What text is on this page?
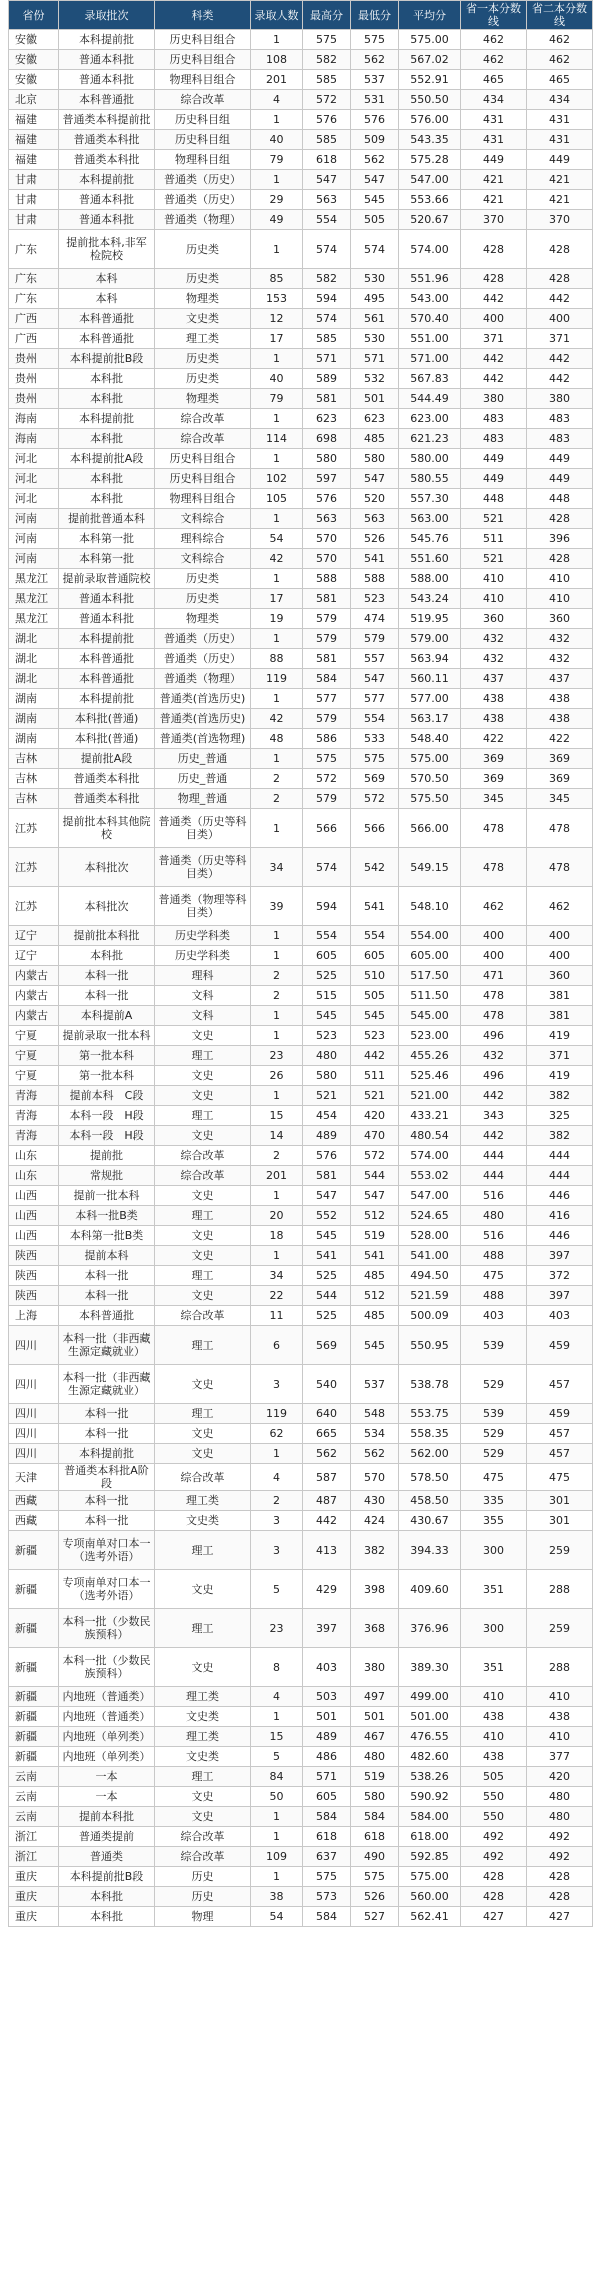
省份	录取批次	科类	录取人数	最高分	最低分	平均分	省一本分数线	省二本分数线
安徽	本科提前批	历史科目组合	1	575	575	575.00	462	462
安徽	普通本科批	历史科目组合	108	582	562	567.02	462	462
安徽	普通本科批	物理科目组合	201	585	537	552.91	465	465
北京	本科普通批	综合改革	4	572	531	550.50	434	434
福建	普通类本科提前批	历史科目组	1	576	576	576.00	431	431
福建	普通类本科批	历史科目组	40	585	509	543.35	431	431
福建	普通类本科批	物理科目组	79	618	562	575.28	449	449
甘肃	本科提前批	普通类（历史）	1	547	547	547.00	421	421
甘肃	普通本科批	普通类（历史）	29	563	545	553.66	421	421
甘肃	普通本科批	普通类（物理）	49	554	505	520.67	370	370
广东	提前批本科,非军检院校	历史类	1	574	574	574.00	428	428
广东	本科	历史类	85	582	530	551.96	428	428
广东	本科	物理类	153	594	495	543.00	442	442
广西	本科普通批	文史类	12	574	561	570.40	400	400
广西	本科普通批	理工类	17	585	530	551.00	371	371
贵州	本科提前批B段	历史类	1	571	571	571.00	442	442
贵州	本科批	历史类	40	589	532	567.83	442	442
贵州	本科批	物理类	79	581	501	544.49	380	380
海南	本科提前批	综合改革	1	623	623	623.00	483	483
海南	本科批	综合改革	114	698	485	621.23	483	483
河北	本科提前批A段	历史科目组合	1	580	580	580.00	449	449
河北	本科批	历史科目组合	102	597	547	580.55	449	449
河北	本科批	物理科目组合	105	576	520	557.30	448	448
河南	提前批普通本科	文科综合	1	563	563	563.00	521	428
河南	本科第一批	理科综合	54	570	526	545.76	511	396
河南	本科第一批	文科综合	42	570	541	551.60	521	428
黑龙江	提前录取普通院校	历史类	1	588	588	588.00	410	410
黑龙江	普通本科批	历史类	17	581	523	543.24	410	410
黑龙江	普通本科批	物理类	19	579	474	519.95	360	360
湖北	本科提前批	普通类（历史）	1	579	579	579.00	432	432
湖北	本科普通批	普通类（历史）	88	581	557	563.94	432	432
湖北	本科普通批	普通类（物理）	119	584	547	560.11	437	437
湖南	本科提前批	普通类(首选历史)	1	577	577	577.00	438	438
湖南	本科批(普通)	普通类(首选历史)	42	579	554	563.17	438	438
湖南	本科批(普通)	普通类(首选物理)	48	586	533	548.40	422	422
吉林	提前批A段	历史_普通	1	575	575	575.00	369	369
吉林	普通类本科批	历史_普通	2	572	569	570.50	369	369
吉林	普通类本科批	物理_普通	2	579	572	575.50	345	345
江苏	提前批本科其他院校	普通类（历史等科目类）	1	566	566	566.00	478	478
江苏	本科批次	普通类（历史等科目类）	34	574	542	549.15	478	478
江苏	本科批次	普通类（物理等科目类）	39	594	541	548.10	462	462
辽宁	提前批本科批	历史学科类	1	554	554	554.00	400	400
辽宁	本科批	历史学科类	1	605	605	605.00	400	400
内蒙古	本科一批	理科	2	525	510	517.50	471	360
内蒙古	本科一批	文科	2	515	505	511.50	478	381
内蒙古	本科提前A	文科	1	545	545	545.00	478	381
宁夏	提前录取一批本科	文史	1	523	523	523.00	496	419
宁夏	第一批本科	理工	23	480	442	455.26	432	371
宁夏	第一批本科	文史	26	580	511	525.46	496	419
青海	提前本科　C段	文史	1	521	521	521.00	442	382
青海	本科一段　H段	理工	15	454	420	433.21	343	325
青海	本科一段　H段	文史	14	489	470	480.54	442	382
山东	提前批	综合改革	2	576	572	574.00	444	444
山东	常规批	综合改革	201	581	544	553.02	444	444
山西	提前一批本科	文史	1	547	547	547.00	516	446
山西	本科一批B类	理工	20	552	512	524.65	480	416
山西	本科第一批B类	文史	18	545	519	528.00	516	446
陕西	提前本科	文史	1	541	541	541.00	488	397
陕西	本科一批	理工	34	525	485	494.50	475	372
陕西	本科一批	文史	22	544	512	521.59	488	397
上海	本科普通批	综合改革	11	525	485	500.09	403	403
四川	本科一批（非西藏生源定藏就业）	理工	6	569	545	550.95	539	459
四川	本科一批（非西藏生源定藏就业）	文史	3	540	537	538.78	529	457
四川	本科一批	理工	119	640	548	553.75	539	459
四川	本科一批	文史	62	665	534	558.35	529	457
四川	本科提前批	文史	1	562	562	562.00	529	457
天津	普通类本科批A阶段	综合改革	4	587	570	578.50	475	475
西藏	本科一批	理工类	2	487	430	458.50	335	301
西藏	本科一批	文史类	3	442	424	430.67	355	301
新疆	专项南单对口本一（选考外语）	理工	3	413	382	394.33	300	259
新疆	专项南单对口本一（选考外语）	文史	5	429	398	409.60	351	288
新疆	本科一批（少数民族预科）	理工	23	397	368	376.96	300	259
新疆	本科一批（少数民族预科）	文史	8	403	380	389.30	351	288
新疆	内地班（普通类）	理工类	4	503	497	499.00	410	410
新疆	内地班（普通类）	文史类	1	501	501	501.00	438	438
新疆	内地班（单列类）	理工类	15	489	467	476.55	410	410
新疆	内地班（单列类）	文史类	5	486	480	482.60	438	377
云南	一本	理工	84	571	519	538.26	505	420
云南	一本	文史	50	605	580	590.92	550	480
云南	提前本科批	文史	1	584	584	584.00	550	480
浙江	普通类提前	综合改革	1	618	618	618.00	492	492
浙江	普通类	综合改革	109	637	490	592.85	492	492
重庆	本科提前批B段	历史	1	575	575	575.00	428	428
重庆	本科批	历史	38	573	526	560.00	428	428
重庆	本科批	物理	54	584	527	562.41	427	427
